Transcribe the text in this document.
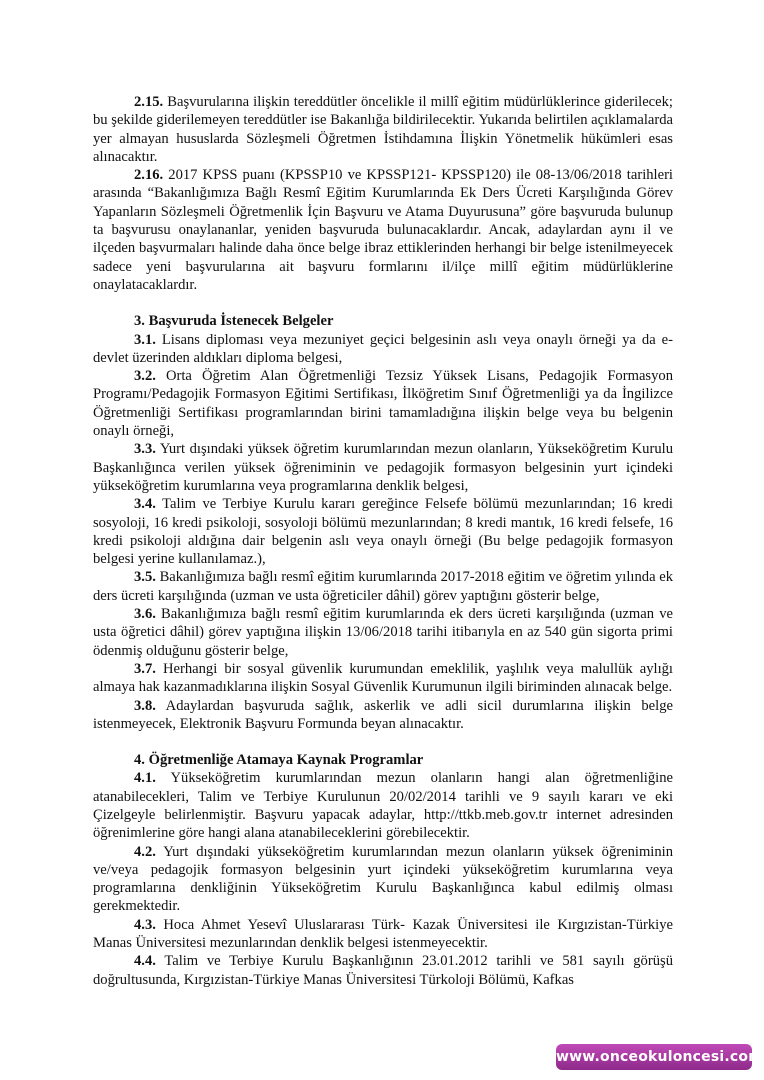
2.15. Başvurularına ilişkin tereddütler öncelikle il millî eğitim müdürlüklerince giderilecek; bu şekilde giderilemeyen tereddütler ise Bakanlığa bildirilecektir. Yukarıda belirtilen açıklamalarda yer almayan hususlarda Sözleşmeli Öğretmen İstihdamına İlişkin Yönetmelik hükümleri esas alınacaktır.

2.16. 2017 KPSS puanı (KPSSP10 ve KPSSP121- KPSSP120) ile 08-13/06/2018 tarihleri arasında “Bakanlığımıza Bağlı Resmî Eğitim Kurumlarında Ek Ders Ücreti Karşılığında Görev Yapanların Sözleşmeli Öğretmenlik İçin Başvuru ve Atama Duyurusuna” göre başvuruda bulunup ta başvurusu onaylananlar, yeniden başvuruda bulunacaklardır. Ancak, adaylardan aynı il ve ilçeden başvurmaları halinde daha önce belge ibraz ettiklerinden herhangi bir belge istenilmeyecek sadece yeni başvurularına ait başvuru formlarını il/ilçe millî eğitim müdürlüklerine onaylatacaklardır.

3. Başvuruda İstenecek Belgeler

3.1. Lisans diploması veya mezuniyet geçici belgesinin aslı veya onaylı örneği ya da e-devlet üzerinden aldıkları diploma belgesi,

3.2. Orta Öğretim Alan Öğretmenliği Tezsiz Yüksek Lisans, Pedagojik Formasyon Programı/Pedagojik Formasyon Eğitimi Sertifikası, İlköğretim Sınıf Öğretmenliği ya da İngilizce Öğretmenliği Sertifikası programlarından birini tamamladığına ilişkin belge veya bu belgenin onaylı örneği,

3.3. Yurt dışındaki yüksek öğretim kurumlarından mezun olanların, Yükseköğretim Kurulu Başkanlığınca verilen yüksek öğreniminin ve pedagojik formasyon belgesinin yurt içindeki yükseköğretim kurumlarına veya programlarına denklik belgesi,

3.4. Talim ve Terbiye Kurulu kararı gereğince Felsefe bölümü mezunlarından; 16 kredi sosyoloji, 16 kredi psikoloji, sosyoloji bölümü mezunlarından; 8 kredi mantık, 16 kredi felsefe, 16 kredi psikoloji aldığına dair belgenin aslı veya onaylı örneği (Bu belge pedagojik formasyon belgesi yerine kullanılamaz.),

3.5. Bakanlığımıza bağlı resmî eğitim kurumlarında 2017-2018 eğitim ve öğretim yılında ek ders ücreti karşılığında (uzman ve usta öğreticiler dâhil) görev yaptığını gösterir belge,

3.6. Bakanlığımıza bağlı resmî eğitim kurumlarında ek ders ücreti karşılığında (uzman ve usta öğretici dâhil) görev yaptığına ilişkin 13/06/2018 tarihi itibarıyla en az 540 gün sigorta primi ödenmiş olduğunu gösterir belge,

3.7. Herhangi bir sosyal güvenlik kurumundan emeklilik, yaşlılık veya malullük aylığı almaya hak kazanmadıklarına ilişkin Sosyal Güvenlik Kurumunun ilgili biriminden alınacak belge.

3.8. Adaylardan başvuruda sağlık, askerlik ve adli sicil durumlarına ilişkin belge istenmeyecek, Elektronik Başvuru Formunda beyan alınacaktır.

4. Öğretmenliğe Atamaya Kaynak Programlar

4.1. Yükseköğretim kurumlarından mezun olanların hangi alan öğretmenliğine atanabilecekleri, Talim ve Terbiye Kurulunun 20/02/2014 tarihli ve 9 sayılı kararı ve eki Çizelgeyle belirlenmiştir. Başvuru yapacak adaylar, http://ttkb.meb.gov.tr internet adresinden öğrenimlerine göre hangi alana atanabileceklerini görebilecektir.

4.2. Yurt dışındaki yükseköğretim kurumlarından mezun olanların yüksek öğreniminin ve/veya pedagojik formasyon belgesinin yurt içindeki yükseköğretim kurumlarına veya programlarına denkliğinin Yükseköğretim Kurulu Başkanlığınca kabul edilmiş olması gerekmektedir.

4.3. Hoca Ahmet Yesevî Uluslararası Türk- Kazak Üniversitesi ile Kırgızistan-Türkiye Manas Üniversitesi mezunlarından denklik belgesi istenmeyecektir.

4.4. Talim ve Terbiye Kurulu Başkanlığının 23.01.2012 tarihli ve 581 sayılı görüşü doğrultusunda, Kırgızistan-Türkiye Manas Üniversitesi Türkoloji Bölümü, Kafkas

www.onceokuloncesi.com
